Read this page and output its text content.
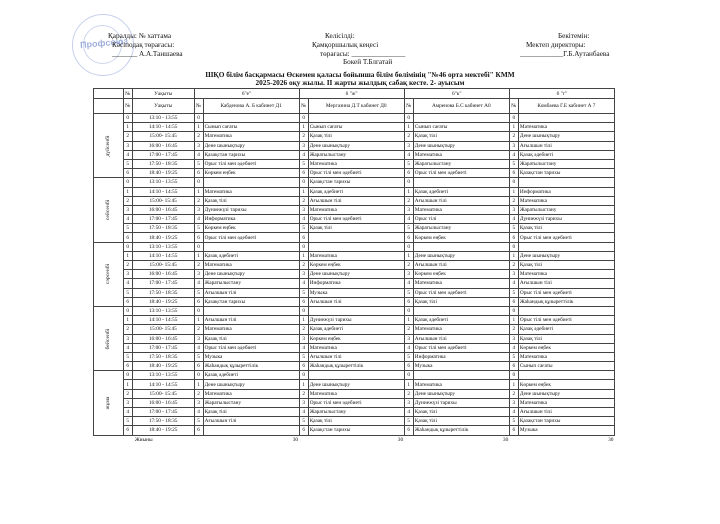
Профсоюз
Қаралды: № хаттама
Кәсіподақ төрағасы:
_______ А.А.Таншаева
Келісілді:
Қамқоршылық кеңесі
төрағасы: _______________
Бокей Т.Блгатай
Бекітемін:
Мектеп директоры:
____________Г.Б.Аутанбаева
ШҚО білім басқармасы Өскемен қаласы бойынша білім бөлімінің "№46 орта мектебі" КММ
2025-2026 оқу жылы. II жарты жылдық сабақ кесте. 2- ауысым
	№	Уақыты	6"е"		6 "ж"		6"к"		6 "г"	
	№	Уақыты	№	Кабденова А. Б кабинет Д1	№	Мергазина Д.Т кабинет Д0	№	Амренова Б.С кабинет А0	№	Комбаева Г.Е кабинет А 7

дүйсенбі	0	13:10 - 13:55	0		0		0		0	
	1	14:10 - 14:55	1	Сынып сағаты	1	Сынып сағаты	1	Сынып сағаты	1	Математика
	2	15:00- 15:45	2	Математика	2	Қазақ тілі	2	Қазақ тілі	2	Дене шынықтыру
	3	16:00 - 16:45	3	Дене шынықтыру	3	Дене шынықтыру	3	Дене шынықтыру	3	Ағылшын тілі
	4	17:00 - 17:45	4	Қазақстан тарихы	4	Жаратылыстану	4	Математика	4	Қазақ әдебиеті
	5	17:50 - 18:35	5	Орыс тілі мен әдебиеті	5	Математика	5	Жаратылыстану	5	Жаратылыстану
	6	18:40 - 19:25	6	Көркем еңбек	6	Орыс тілі мен әдебиеті	6	Орыс тілі мен әдебиеті	6	Қазақстан тарихы

сейсенбі	0	13:10 - 13:55	0		0	Қазақстан тарихы	0		0	
	1	14:10 - 14:55	1	Математика	1	Қазақ әдебиеті	1	Қазақ әдебиеті	1	Информатика
	2	15:00- 15:45	2	Қазақ тілі	2	Ағылшын тілі	2	Ағылшын тілі	2	Математика
	3	16:00 - 16:45	3	Дүниежүзі тарихы	3	Математика	3	Математика	3	Жаратылыстану
	4	17:00 - 17:45	4	Информатика	4	Орыс тілі мен әдебиеті	4	Орыс тілі	4	Дүниежүзі тарихы
	5	17:50 - 18:35	5	Көркем еңбек	5	Қазақ тілі	5	Жаратылыстану	5	Қазақ тілі
	6	18:40 - 19:25	6	Орыс тілі мен әдебиеті	6		6	Көркем еңбек	6	Орыс тілі мен әдебиеті

сәрсенбі	0	13:10 - 13:55	0		0		0		0	
	1	14:10 - 14:55	1	Қазақ әдебиеті	1	Математика	1	Дене шынықтыру	1	Дене шынықтыру
	2	15:00- 15:45	2	Математика	2	Көркем еңбек	2	Ағылшын тілі	2	Қазақ тілі
	3	16:00 - 16:45	3	Дене шынықтыру	3	Дене шынықтыру	3	Көркем еңбек	3	Математика
	4	17:00 - 17:45	4	Жаратылыстану	4	Информатика	4	Математика	4	Ағылшын тілі
	5	17:50 - 18:35	5	Ағылшын тілі	5	Музыка	5	Орыс тілі мен әдебиеті	5	Орыс тілі мен әдебиеті
	6	18:40 - 19:25	6	Қазақстан тарихы	6	Ағылшын тілі	6	Қазақ тілі	6	Жаһандық құзыреттілік

бейсенбі	0	13:10 - 13:55	0		0		0		0	
	1	14:10 - 14:55	1	Ағылшын тілі	1	Дүниежүзі тарихы	1	Қазақ әдебиеті	1	Орыс тілі мен әдебиеті
	2	15:00- 15:45	2	Математика	2	Қазақ әдебиеті	2	Математика	2	Қазақ әдебиеті
	3	16:00 - 16:45	3	Қазақ тілі	3	Көркем еңбек	3	Ағылшын тілі	3	Қазақ тілі
	4	17:00 - 17:45	4	Орыс тілі мен әдебиеті	4	Математика	4	Орыс тілі мен әдебиеті	4	Көркем еңбек
	5	17:50 - 18:35	5	Музыка	5	Ағылшын тілі	5	Информатика	5	Математика
	6	18:40 - 19:25	6	Жаһандық құзыреттілік	6	Жаһандық құзыреттілік	6	Музыка	6	Сынып сағаты

жұма	0	13:10 - 13:55	0	Қазақ әдебиеті	0		0		0	
	1	14:10 - 14:55	1	Дене шынықтыру	1	Дене шынықтыру	1	Математика	1	Көркем еңбек
	2	15:00- 15:45	2	Математика	2	Математика	2	Дене шынықтыру	2	Дене шынықтыру
	3	16:00 - 16:45	3	Жаратылыстану	3	Орыс тілі мен әдебиеті	3	Дүниежүзі тарихы	3	Математика
	4	17:00 - 17:45	4	Қазақ тілі	4	Жаратылыстану	4	Қазақ тілі	4	Ағылшын тілі
	5	17:50 - 18:35	5	Ағылшын тілі	5	Қазақ тілі	5	Қазақ тілі	5	Қазақстан тарихы
	6	18:40 - 19:25	6		6	Қазақстан тарихы	6	Жаһандық құзыреттілік	6	Музыка
Жиыны			30		30		30		30	
